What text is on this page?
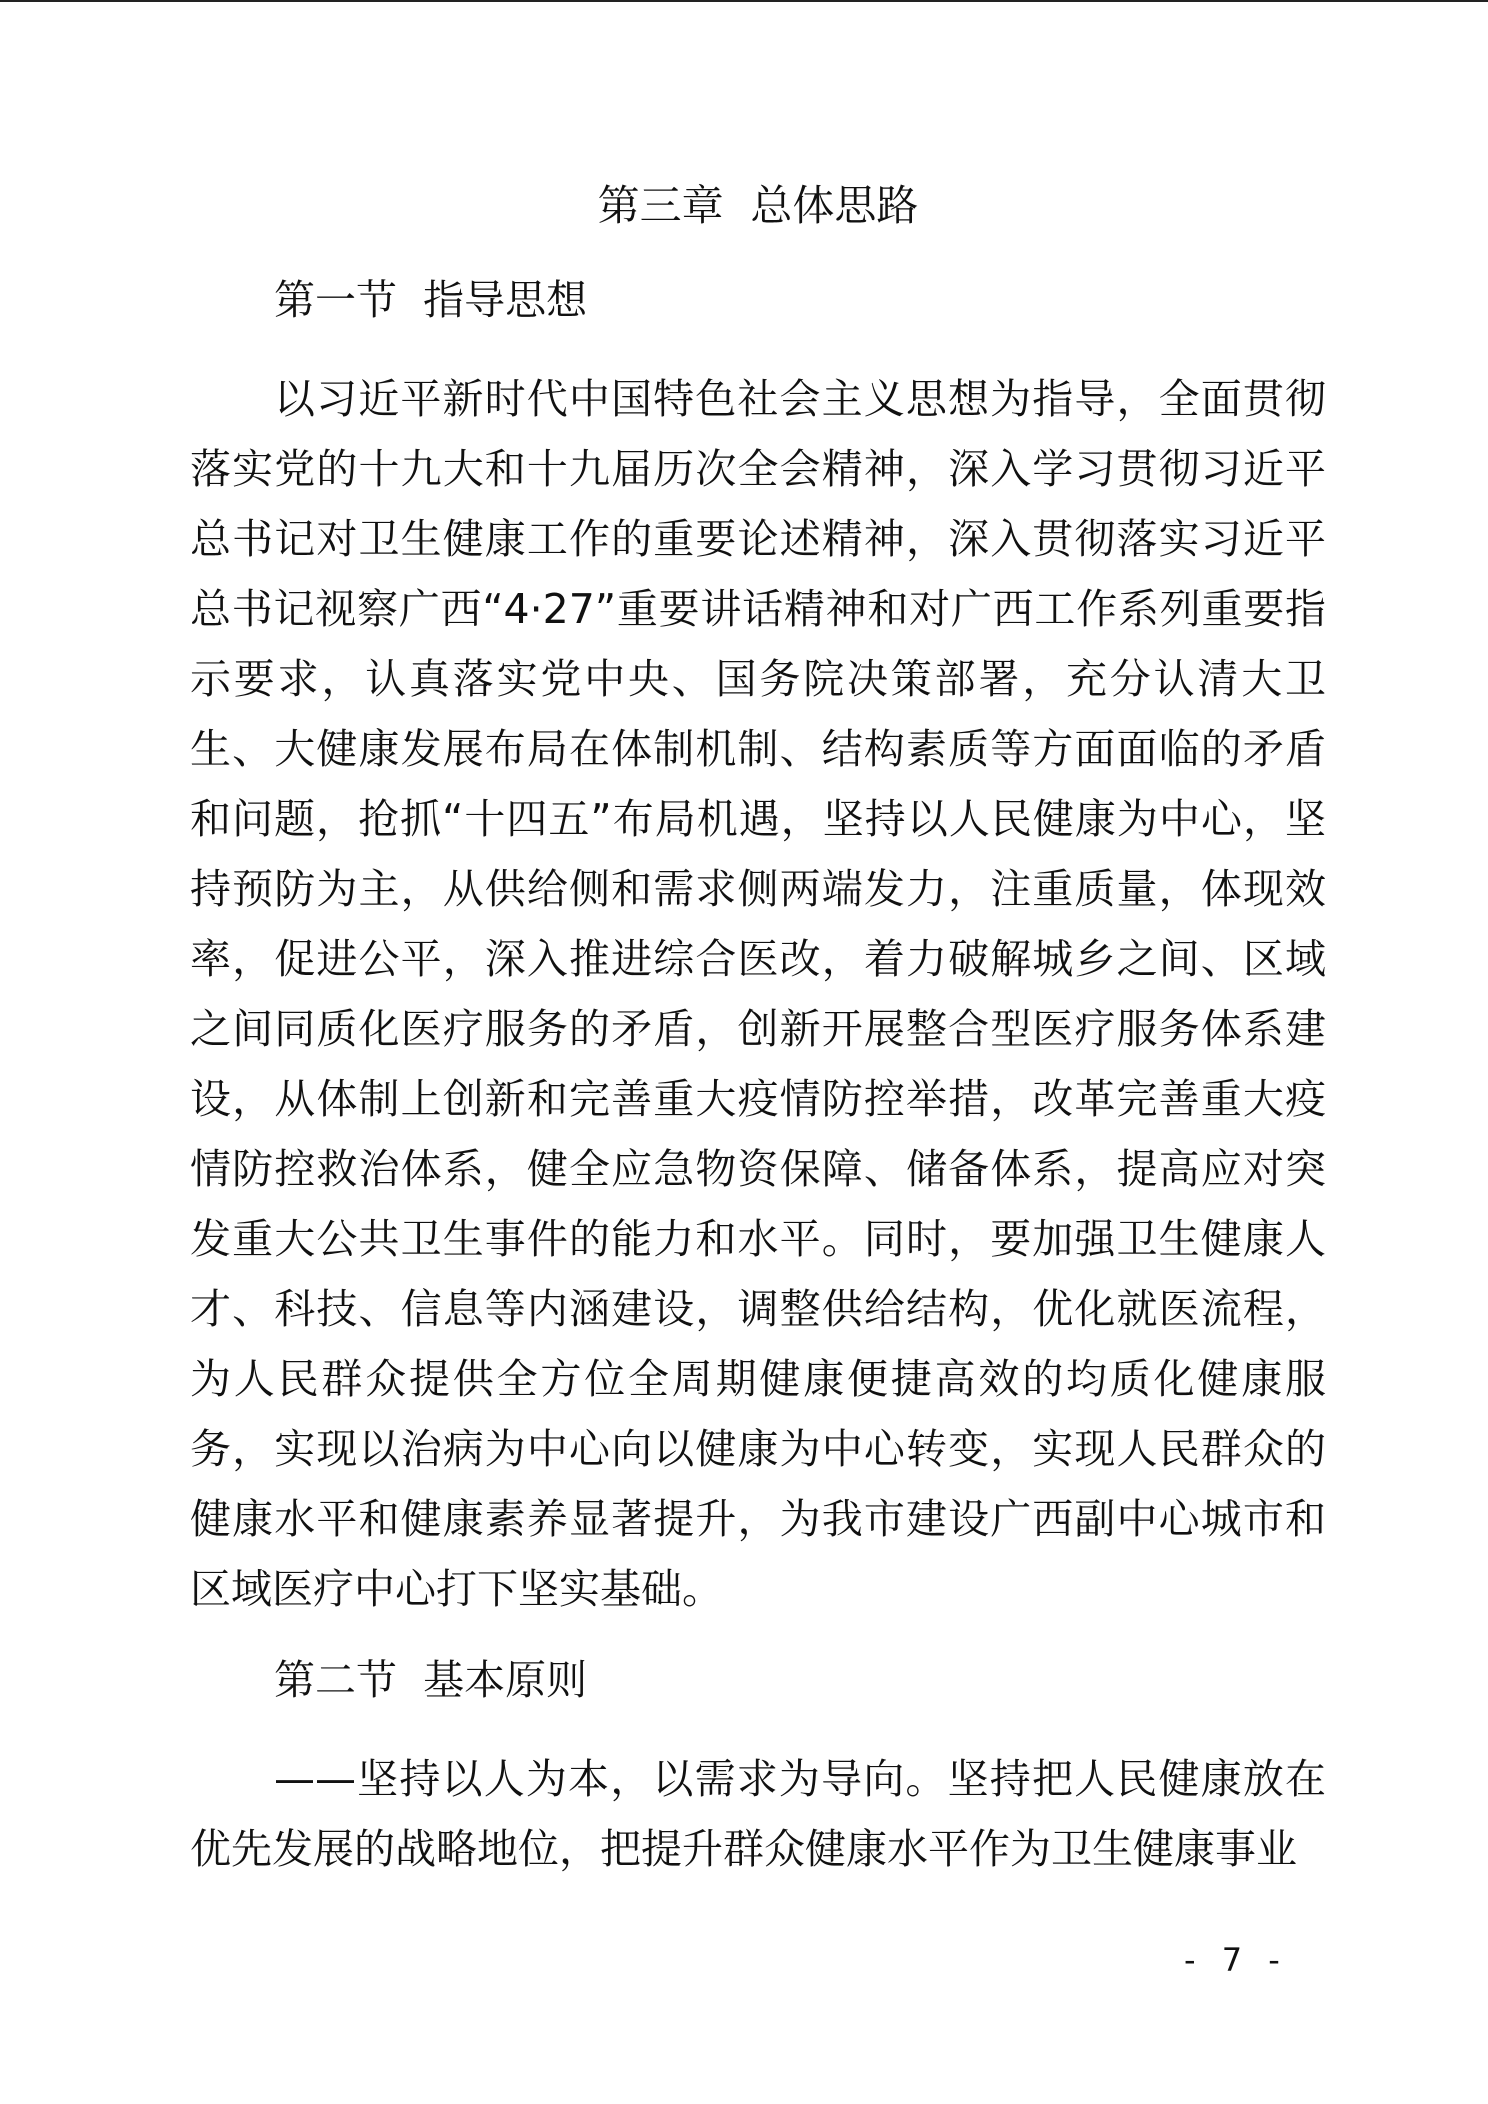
第三章  总体思路
第一节  指导思想

以习近平新时代中国特色社会主义思想为指导，全面贯彻落实党的十九大和十九届历次全会精神，深入学习贯彻习近平总书记对卫生健康工作的重要论述精神，深入贯彻落实习近平总书记视察广西“4·27”重要讲话精神和对广西工作系列重要指示要求，认真落实党中央、国务院决策部署，充分认清大卫生、大健康发展布局在体制机制、结构素质等方面面临的矛盾和问题，抢抓“十四五”布局机遇，坚持以人民健康为中心，坚持预防为主，从供给侧和需求侧两端发力，注重质量，体现效率，促进公平，深入推进综合医改，着力破解城乡之间、区域之间同质化医疗服务的矛盾，创新开展整合型医疗服务体系建设，从体制上创新和完善重大疫情防控举措，改革完善重大疫情防控救治体系，健全应急物资保障、储备体系，提高应对突发重大公共卫生事件的能力和水平。同时，要加强卫生健康人才、科技、信息等内涵建设，调整供给结构，优化就医流程，为人民群众提供全方位全周期健康便捷高效的均质化健康服务，实现以治病为中心向以健康为中心转变，实现人民群众的健康水平和健康素养显著提升，为我市建设广西副中心城市和区域医疗中心打下坚实基础。

第二节  基本原则

——坚持以人为本，以需求为导向。坚持把人民健康放在优先发展的战略地位，把提升群众健康水平作为卫生健康事业

- 7 -
